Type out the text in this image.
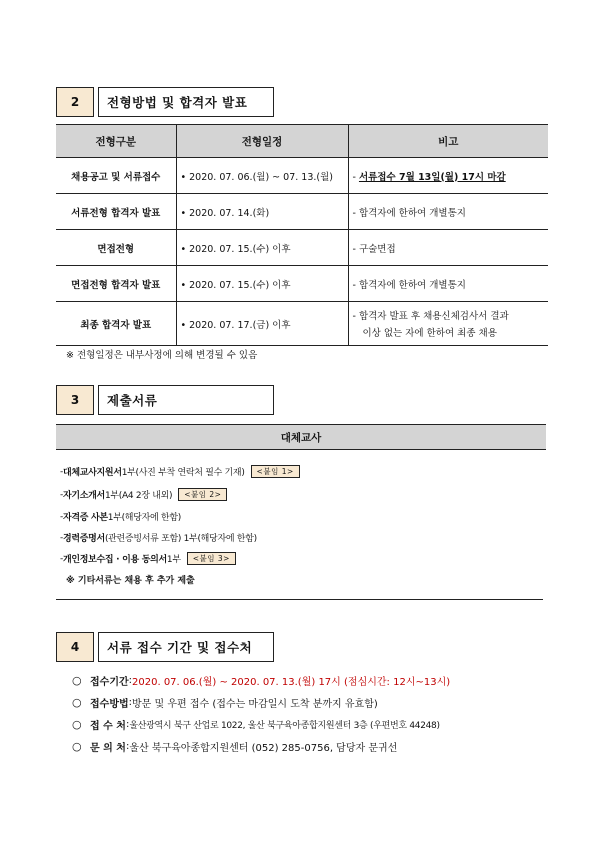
2	전형방법 및 합격자 발표
전형구분	전형일정	비고
채용공고 및 서류접수	• 2020. 07. 06.(월) ~ 07. 13.(월)	- 서류접수 7월 13일(월) 17시 마감
서류전형 합격자 발표	• 2020. 07. 14.(화)	- 합격자에 한하여 개별통지
면접전형	• 2020. 07. 15.(수) 이후	- 구술면접
면접전형 합격자 발표	• 2020. 07. 15.(수) 이후	- 합격자에 한하여 개별통지
최종 합격자 발표	• 2020. 07. 17.(금) 이후	- 합격자 발표 후 채용신체검사서 결과
이상 없는 자에 한하여 최종 채용
※ 전형일정은 내부사정에 의해 변경될 수 있음
3	제출서류
대체교사
- 대체교사지원서 1부(사진 부착 연락처 필수 기재)	<붙임 1>
- 자기소개서 1부(A4 2장 내외)	<붙임 2>
- 자격증 사본 1부(해당자에 한함)
- 경력증명서 (관련증빙서류 포함) 1부(해당자에 한함)
- 개인정보수집 · 이용 동의서 1부	<붙임 3>
※ 기타서류는 채용 후 추가 제출
4	서류 접수 기간 및 접수처
○ 접수기간 : 2020. 07. 06.(월) ~ 2020. 07. 13.(월) 17시 (점심시간: 12시~13시)
○ 접수방법 : 방문 및 우편 접수 (접수는 마감일시 도착 분까지 유효함)
○ 접 수 처 : 울산광역시 북구 산업로 1022, 울산 북구육아종합지원센터 3층 (우편번호 44248)
○ 문 의 처 : 울산 북구육아종합지원센터 (052) 285-0756, 담당자 문귀선
